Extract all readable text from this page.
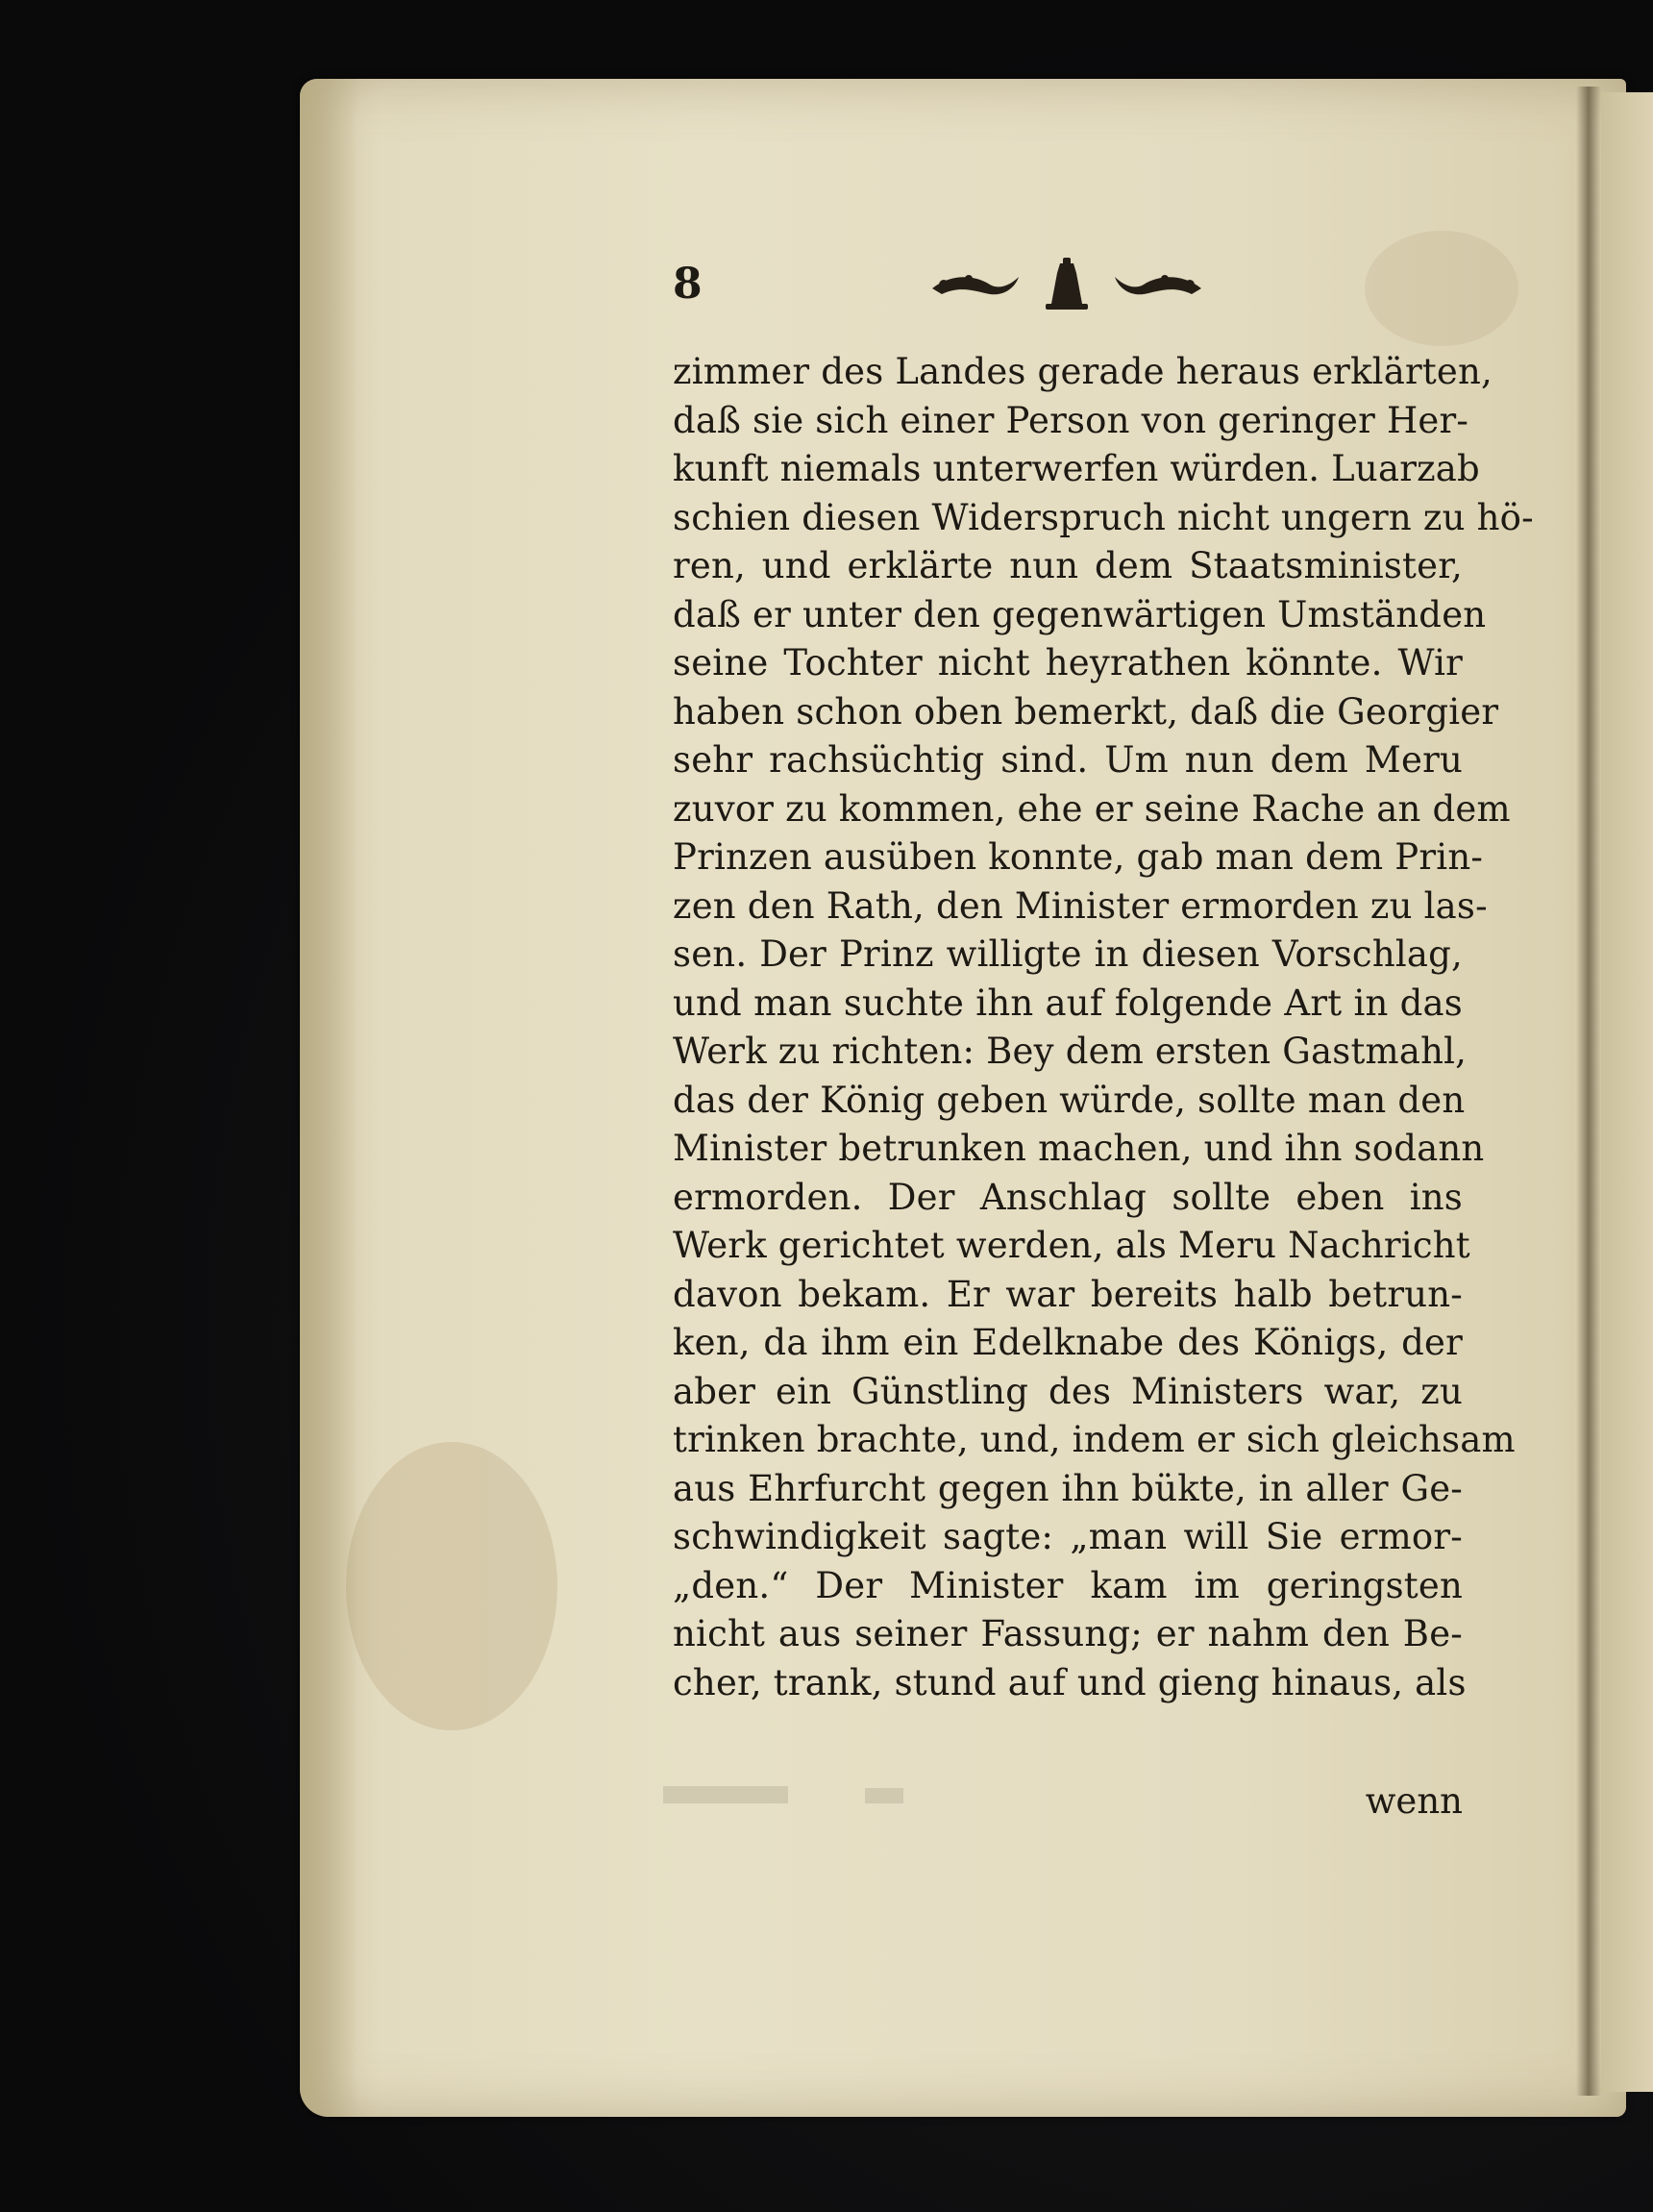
8
zimmer des Landes gerade heraus erklärten,
daß sie sich einer Person von geringer Her-
kunft niemals unterwerfen würden. Luarzab
schien diesen Widerspruch nicht ungern zu hö-
ren, und erklärte nun dem Staatsminister,
daß er unter den gegenwärtigen Umständen
seine Tochter nicht heyrathen könnte. Wir
haben schon oben bemerkt, daß die Georgier
sehr rachsüchtig sind. Um nun dem Meru
zuvor zu kommen, ehe er seine Rache an dem
Prinzen ausüben konnte, gab man dem Prin-
zen den Rath, den Minister ermorden zu las-
sen. Der Prinz willigte in diesen Vorschlag,
und man suchte ihn auf folgende Art in das
Werk zu richten: Bey dem ersten Gastmahl,
das der König geben würde, sollte man den
Minister betrunken machen, und ihn sodann
ermorden. Der Anschlag sollte eben ins
Werk gerichtet werden, als Meru Nachricht
davon bekam. Er war bereits halb betrun-
ken, da ihm ein Edelknabe des Königs, der
aber ein Günstling des Ministers war, zu
trinken brachte, und, indem er sich gleichsam
aus Ehrfurcht gegen ihn bükte, in aller Ge-
schwindigkeit sagte: „man will Sie ermor-
„den.“ Der Minister kam im geringsten
nicht aus seiner Fassung; er nahm den Be-
cher, trank, stund auf und gieng hinaus, als
wenn
